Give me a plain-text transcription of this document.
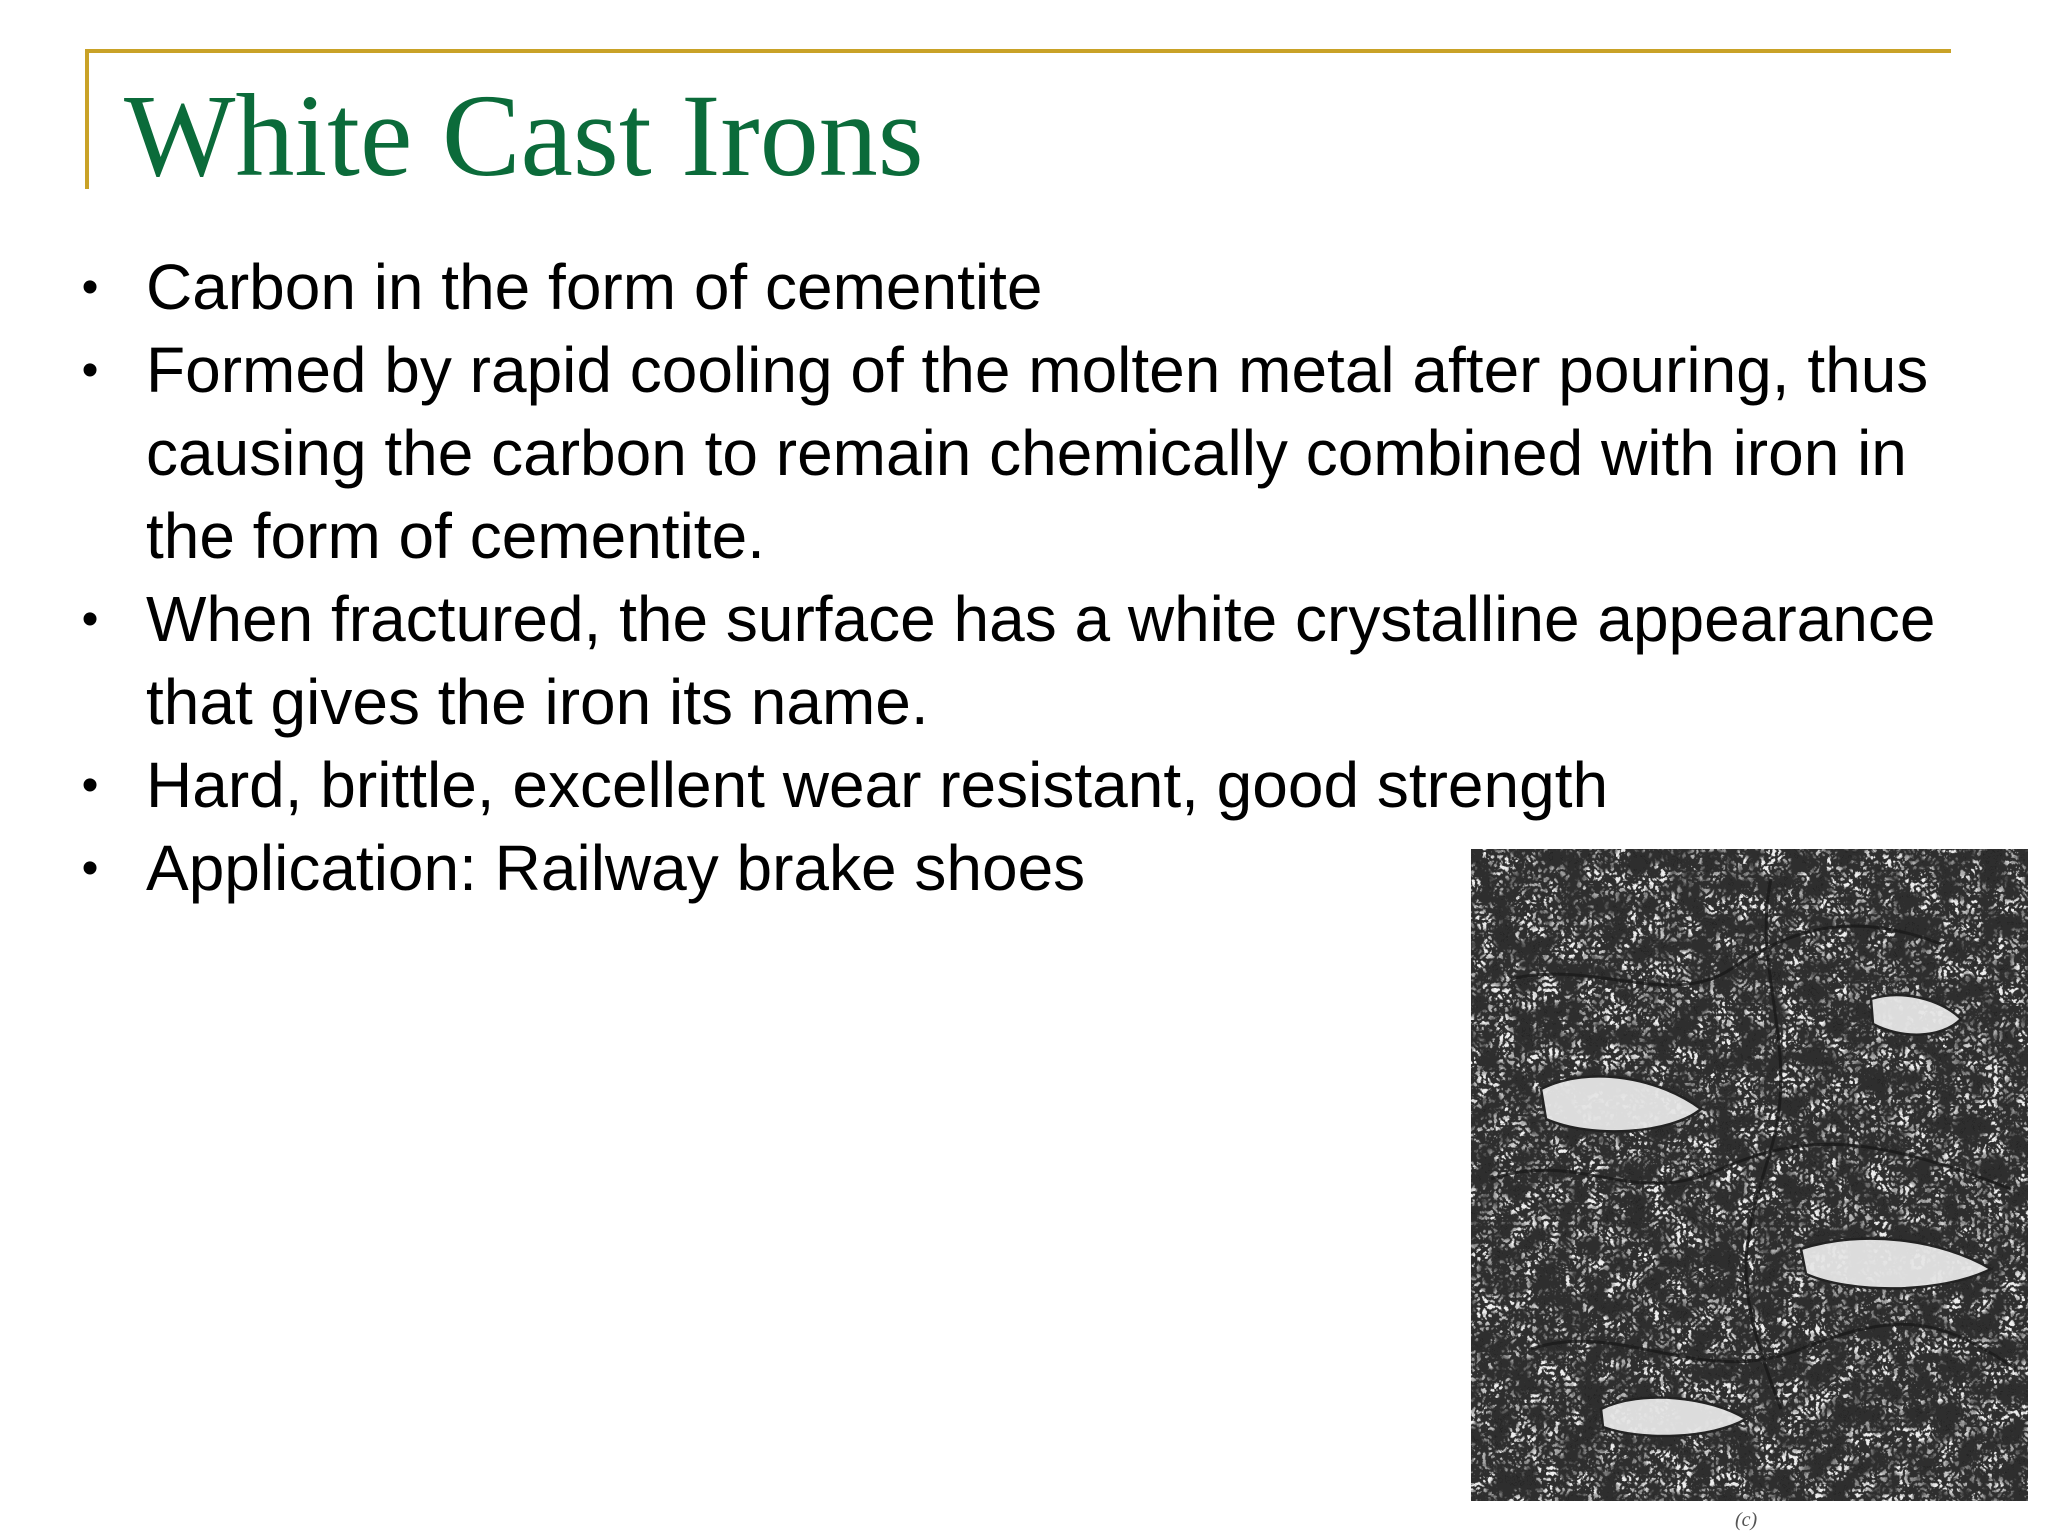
White Cast Irons
• Carbon in the form of cementite
• Formed by rapid cooling of the molten metal after pouring, thus causing the carbon to remain chemically combined with iron in the form of cementite.
• When fractured, the surface has a white crystalline appearance that gives the iron its name.
• Hard, brittle, excellent wear resistant, good strength
• Application: Railway brake shoes
(c)
